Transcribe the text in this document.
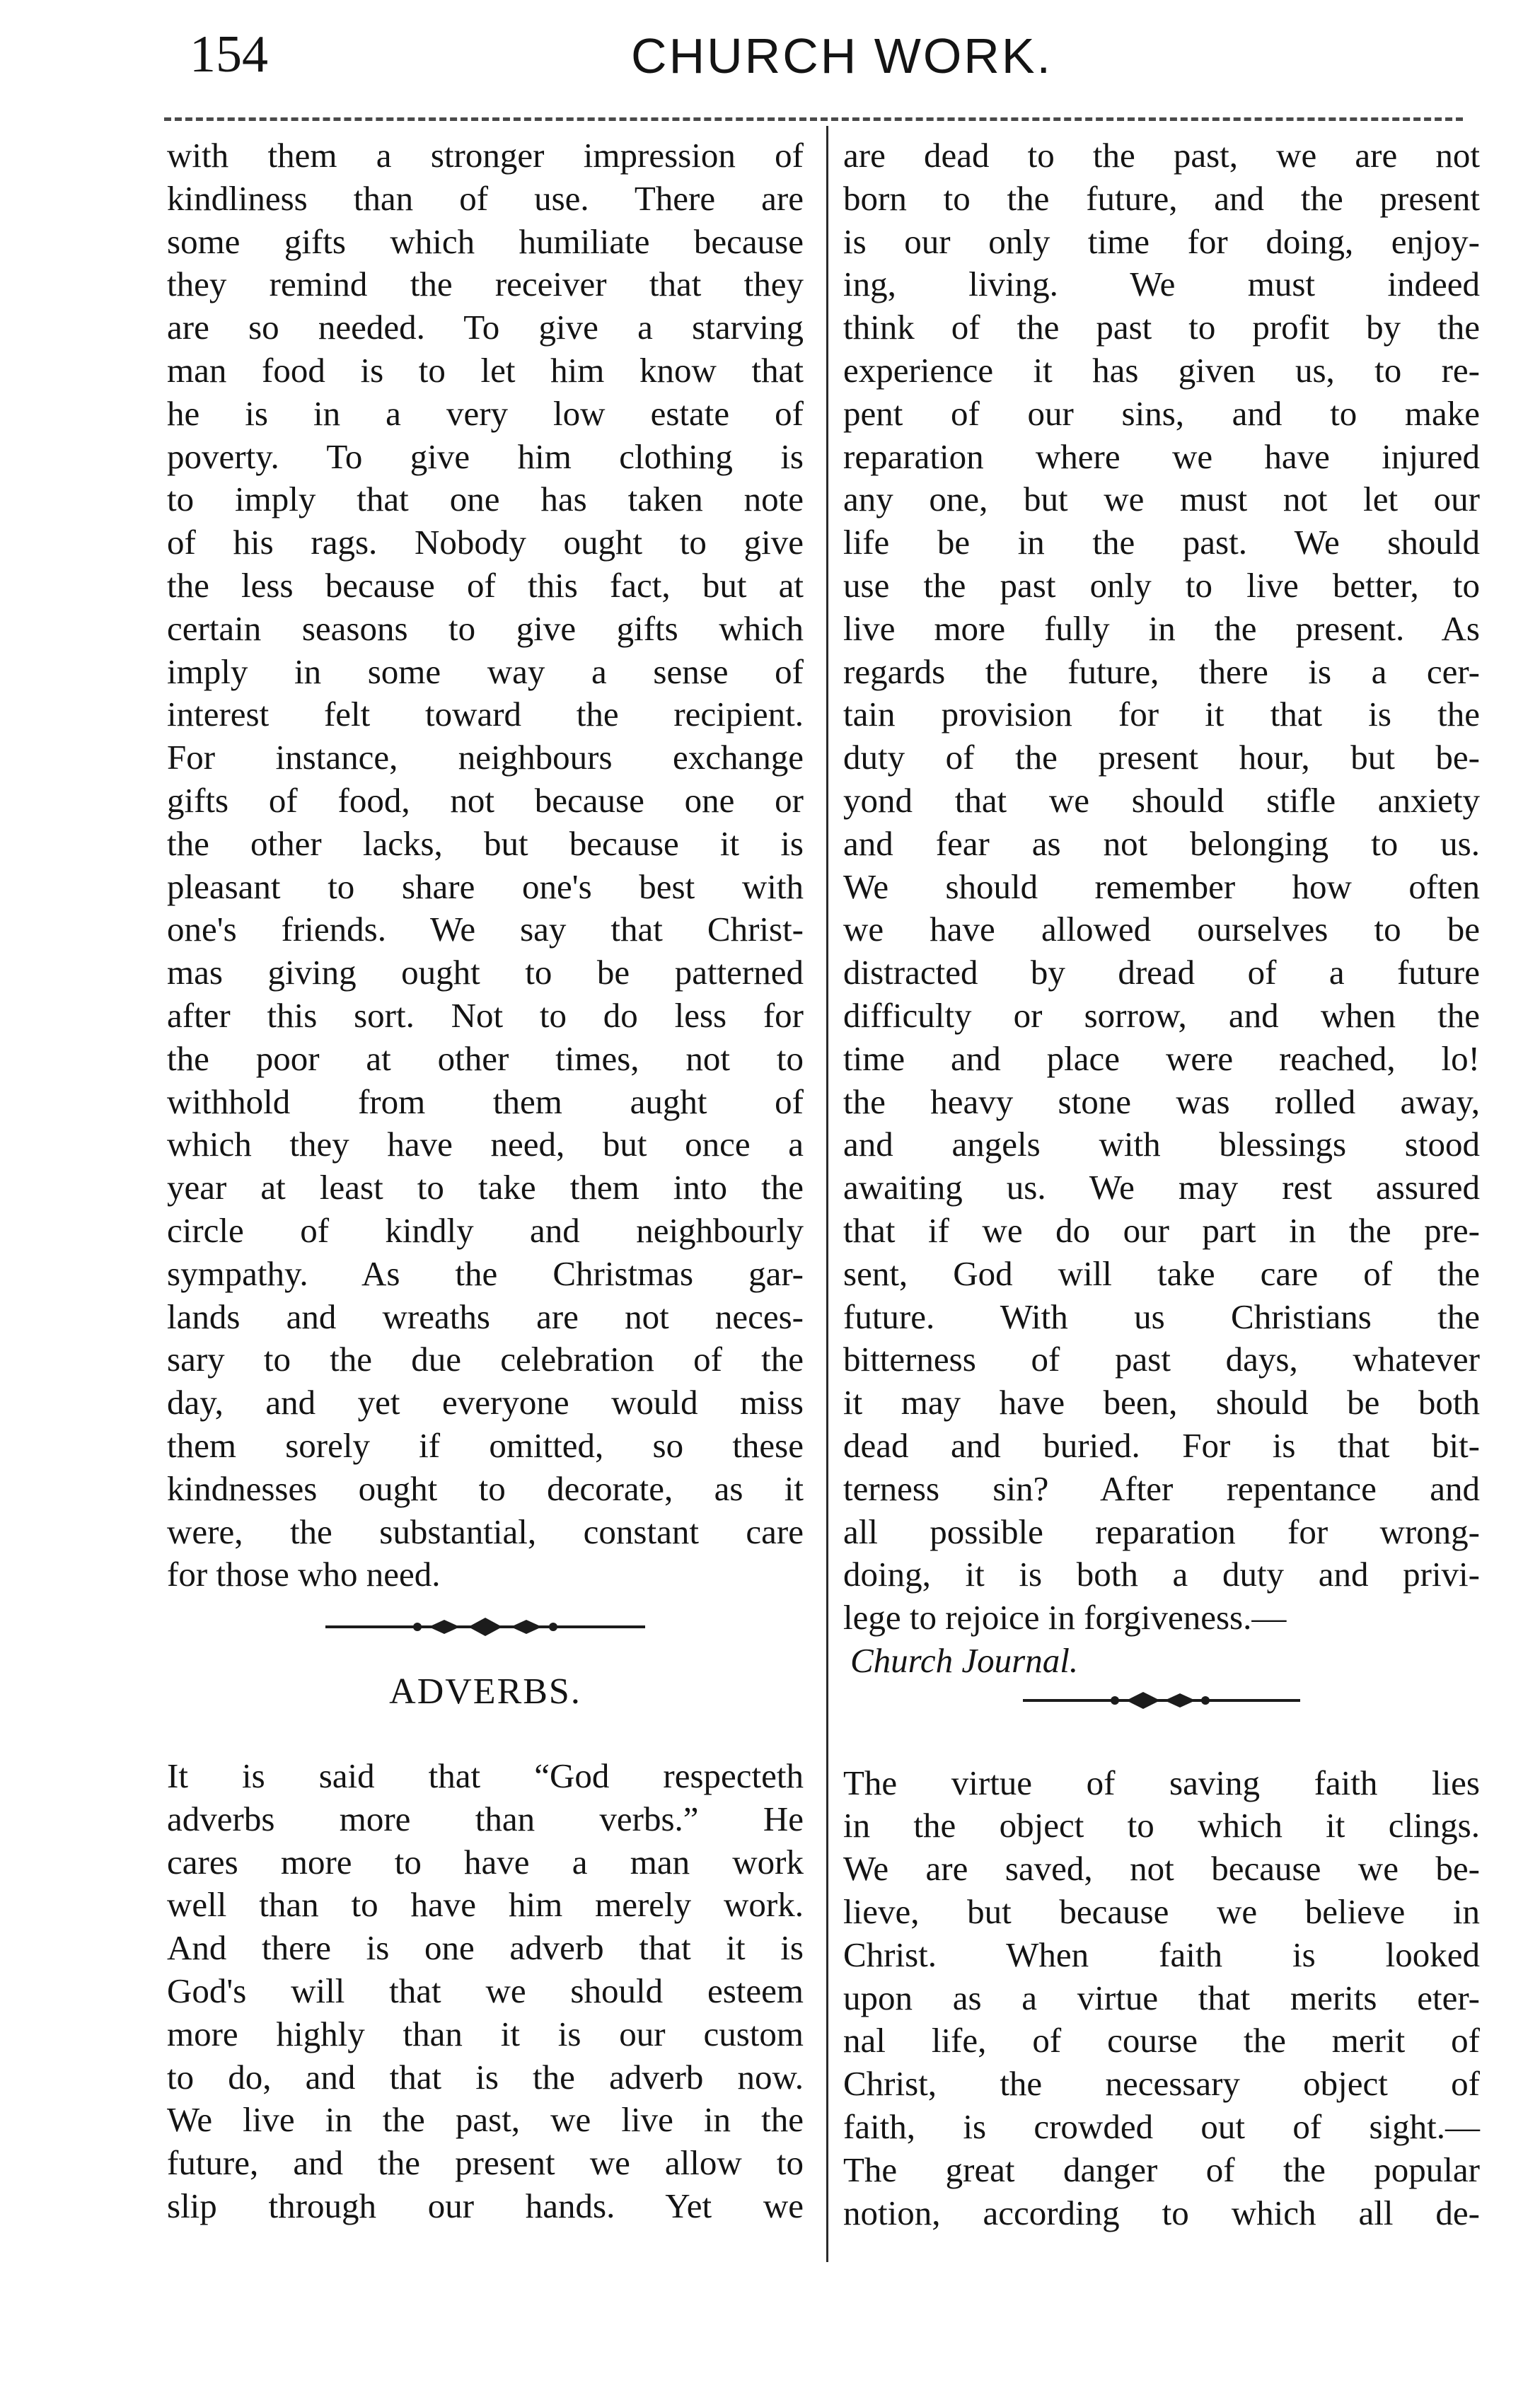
154	CHURCH WORK.

with them a stronger impression of
kindliness than of use. There are
some gifts which humiliate because
they remind the receiver that they
are so needed. To give a starving
man food is to let him know that
he is in a very low estate of
poverty. To give him clothing is
to imply that one has taken note
of his rags. Nobody ought to give
the less because of this fact, but at
certain seasons to give gifts which
imply in some way a sense of
interest felt toward the recipient.
For instance, neighbours exchange
gifts of food, not because one or
the other lacks, but because it is
pleasant to share one's best with
one's friends. We say that Christ-
mas giving ought to be patterned
after this sort. Not to do less for
the poor at other times, not to
withhold from them aught of
which they have need, but once a
year at least to take them into the
circle of kindly and neighbourly
sympathy. As the Christmas gar-
lands and wreaths are not neces-
sary to the due celebration of the
day, and yet everyone would miss
them sorely if omitted, so these
kindnesses ought to decorate, as it
were, the substantial, constant care
for those who need.

ADVERBS.

It is said that “God respecteth
adverbs more than verbs.” He
cares more to have a man work
well than to have him merely work.
And there is one adverb that it is
God's will that we should esteem
more highly than it is our custom
to do, and that is the adverb now.
We live in the past, we live in the
future, and the present we allow to
slip through our hands. Yet we

are dead to the past, we are not
born to the future, and the present
is our only time for doing, enjoy-
ing, living. We must indeed
think of the past to profit by the
experience it has given us, to re-
pent of our sins, and to make
reparation where we have injured
any one, but we must not let our
life be in the past. We should
use the past only to live better, to
live more fully in the present. As
regards the future, there is a cer-
tain provision for it that is the
duty of the present hour, but be-
yond that we should stifle anxiety
and fear as not belonging to us.
We should remember how often
we have allowed ourselves to be
distracted by dread of a future
difficulty or sorrow, and when the
time and place were reached, lo!
the heavy stone was rolled away,
and angels with blessings stood
awaiting us. We may rest assured
that if we do our part in the pre-
sent, God will take care of the
future. With us Christians the
bitterness of past days, whatever
it may have been, should be both
dead and buried. For is that bit-
terness sin? After repentance and
all possible reparation for wrong-
doing, it is both a duty and privi-
lege to rejoice in forgiveness.—
Church Journal.

The virtue of saving faith lies
in the object to which it clings.
We are saved, not because we be-
lieve, but because we believe in
Christ. When faith is looked
upon as a virtue that merits eter-
nal life, of course the merit of
Christ, the necessary object of
faith, is crowded out of sight.—
The great danger of the popular
notion, according to which all de-
